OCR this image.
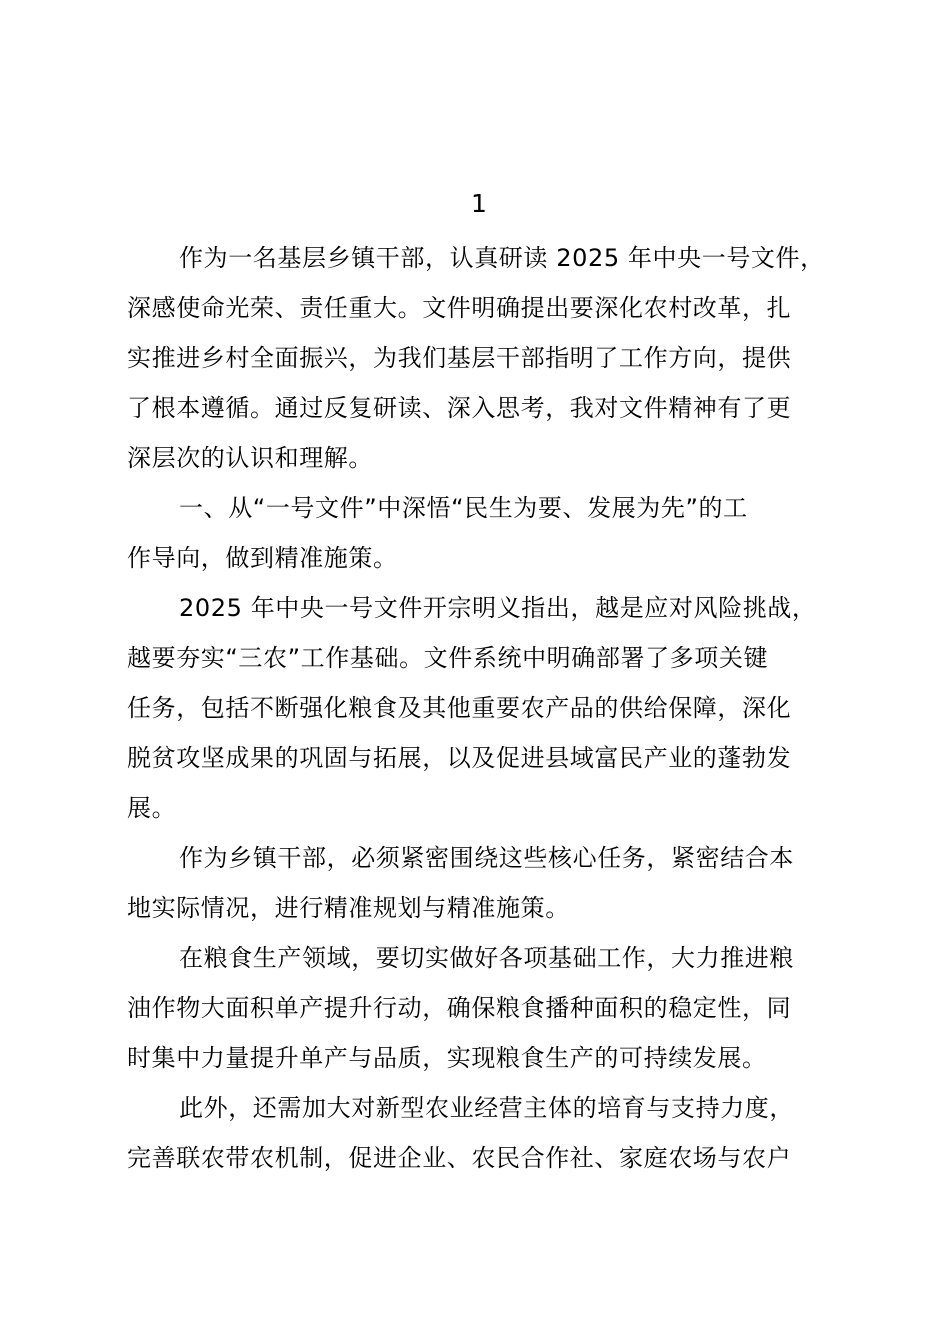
1

作为一名基层乡镇干部，认真研读 2025 年中央一号文件，
深感使命光荣、责任重大。文件明确提出要深化农村改革，扎
实推进乡村全面振兴，为我们基层干部指明了工作方向，提供
了根本遵循。通过反复研读、深入思考，我对文件精神有了更
深层次的认识和理解。

一、从“一号文件”中深悟“民生为要、发展为先”的工
作导向，做到精准施策。

2025 年中央一号文件开宗明义指出，越是应对风险挑战，
越要夯实“三农”工作基础。文件系统中明确部署了多项关键
任务，包括不断强化粮食及其他重要农产品的供给保障，深化
脱贫攻坚成果的巩固与拓展，以及促进县域富民产业的蓬勃发
展。

作为乡镇干部，必须紧密围绕这些核心任务，紧密结合本
地实际情况，进行精准规划与精准施策。

在粮食生产领域，要切实做好各项基础工作，大力推进粮
油作物大面积单产提升行动，确保粮食播种面积的稳定性，同
时集中力量提升单产与品质，实现粮食生产的可持续发展。

此外，还需加大对新型农业经营主体的培育与支持力度，
完善联农带农机制，促进企业、农民合作社、家庭农场与农户
